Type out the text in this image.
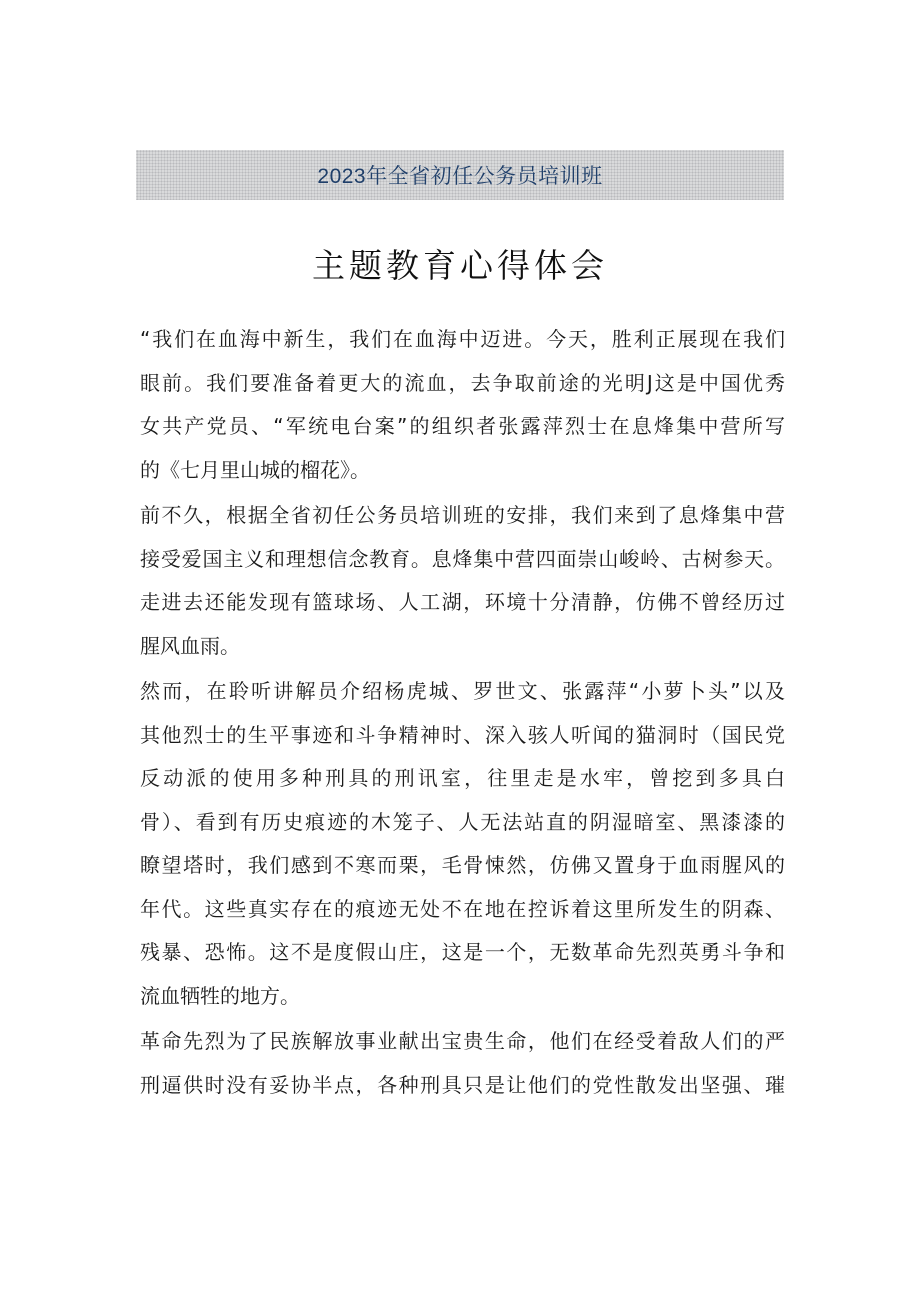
2023年全省初任公务员培训班
主题教育心得体会
“我们在血海中新生，我们在血海中迈进。今天，胜利正展现在我们
眼前。我们要准备着更大的流血，去争取前途的光明J这是中国优秀
女共产党员、“军统电台案”的组织者张露萍烈士在息烽集中营所写
的《七月里山城的榴花》。
前不久，根据全省初任公务员培训班的安排，我们来到了息烽集中营
接受爱国主义和理想信念教育。息烽集中营四面崇山峻岭、古树参天。
走进去还能发现有篮球场、人工湖，环境十分清静，仿佛不曾经历过
腥风血雨。
然而，在聆听讲解员介绍杨虎城、罗世文、张露萍“小萝卜头”以及
其他烈士的生平事迹和斗争精神时、深入骇人听闻的猫洞时（国民党
反动派的使用多种刑具的刑讯室，往里走是水牢，曾挖到多具白
骨）、看到有历史痕迹的木笼子、人无法站直的阴湿暗室、黑漆漆的
瞭望塔时，我们感到不寒而栗，毛骨悚然，仿佛又置身于血雨腥风的
年代。这些真实存在的痕迹无处不在地在控诉着这里所发生的阴森、
残暴、恐怖。这不是度假山庄，这是一个，无数革命先烈英勇斗争和
流血牺牲的地方。
革命先烈为了民族解放事业献出宝贵生命，他们在经受着敌人们的严
刑逼供时没有妥协半点，各种刑具只是让他们的党性散发出坚强、璀
